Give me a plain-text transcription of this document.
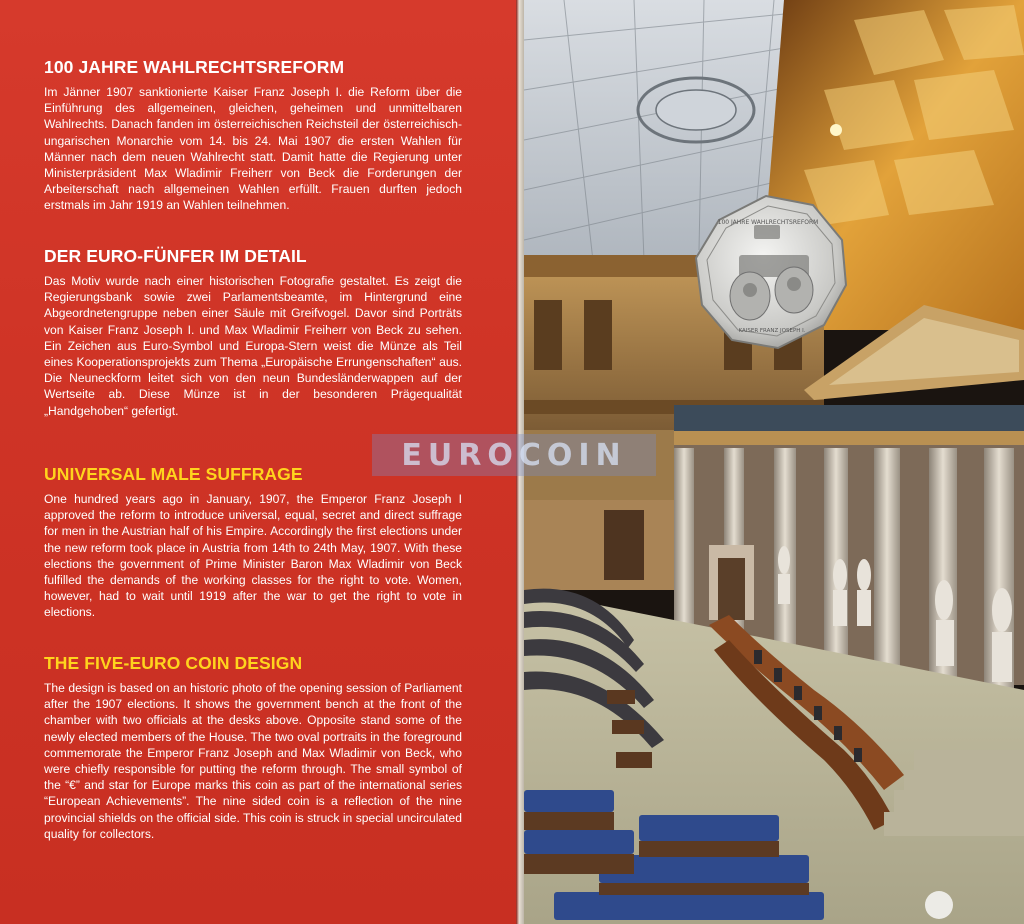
100 JAHRE WAHLRECHTSREFORM

Im Jänner 1907 sanktionierte Kaiser Franz Joseph I. die Reform über die Einführung des allgemeinen, gleichen, geheimen und unmittelbaren Wahlrechts. Danach fanden im österreichischen Reichsteil der österreichisch-ungarischen Monarchie vom 14. bis 24. Mai 1907 die ersten Wahlen für Männer nach dem neuen Wahlrecht statt. Damit hatte die Regierung unter Ministerpräsident Max Wladimir Freiherr von Beck die Forderungen der Arbeiterschaft nach allgemeinen Wahlen erfüllt. Frauen durften jedoch erstmals im Jahr 1919 an Wahlen teilnehmen.

DER EURO-FÜNFER IM DETAIL

Das Motiv wurde nach einer historischen Fotografie gestaltet. Es zeigt die Regierungsbank sowie zwei Parlamentsbeamte, im Hintergrund eine Abgeordnetengruppe neben einer Säule mit Greifvogel. Davor sind Porträts von Kaiser Franz Joseph I. und Max Wladimir Freiherr von Beck zu sehen. Ein Zeichen aus Euro-Symbol und Europa-Stern weist die Münze als Teil eines Kooperationsprojekts zum Thema „Europäische Errungenschaften“ aus. Die Neuneckform leitet sich von den neun Bundesländerwappen auf der Wertseite ab. Diese Münze ist in der besonderen Prägequalität „Handgehoben“ gefertigt.

UNIVERSAL MALE SUFFRAGE

One hundred years ago in January, 1907, the Emperor Franz Joseph I approved the reform to introduce universal, equal, secret and direct suffrage for men in the Austrian half of his Empire. Accordingly the first elections under the new reform took place in Austria from 14th to 24th May, 1907. With these elections the government of Prime Minister Baron Max Wladimir von Beck fulfilled the demands of the working classes for the right to vote. Women, however, had to wait until 1919 after the war to get the right to vote in elections.

THE FIVE-EURO COIN DESIGN

The design is based on an historic photo of the opening session of Parliament after the 1907 elections. It shows the government bench at the front of the chamber with two officials at the desks above. Opposite stand some of the newly elected members of the House. The two oval portraits in the foreground commemorate the Emperor Franz Joseph and Max Wladimir von Beck, who were chiefly responsible for putting the reform through. The small symbol of the “€” and star for Europe marks this coin as part of the international series “European Achievements”. The nine sided coin is a reflection of the nine provincial shields on the official side. This coin is struck in special uncirculated quality for collectors.

100 JAHRE WAHLRECHTSREFORM
KAISER FRANZ JOSEPH I.
EUROCOIN
